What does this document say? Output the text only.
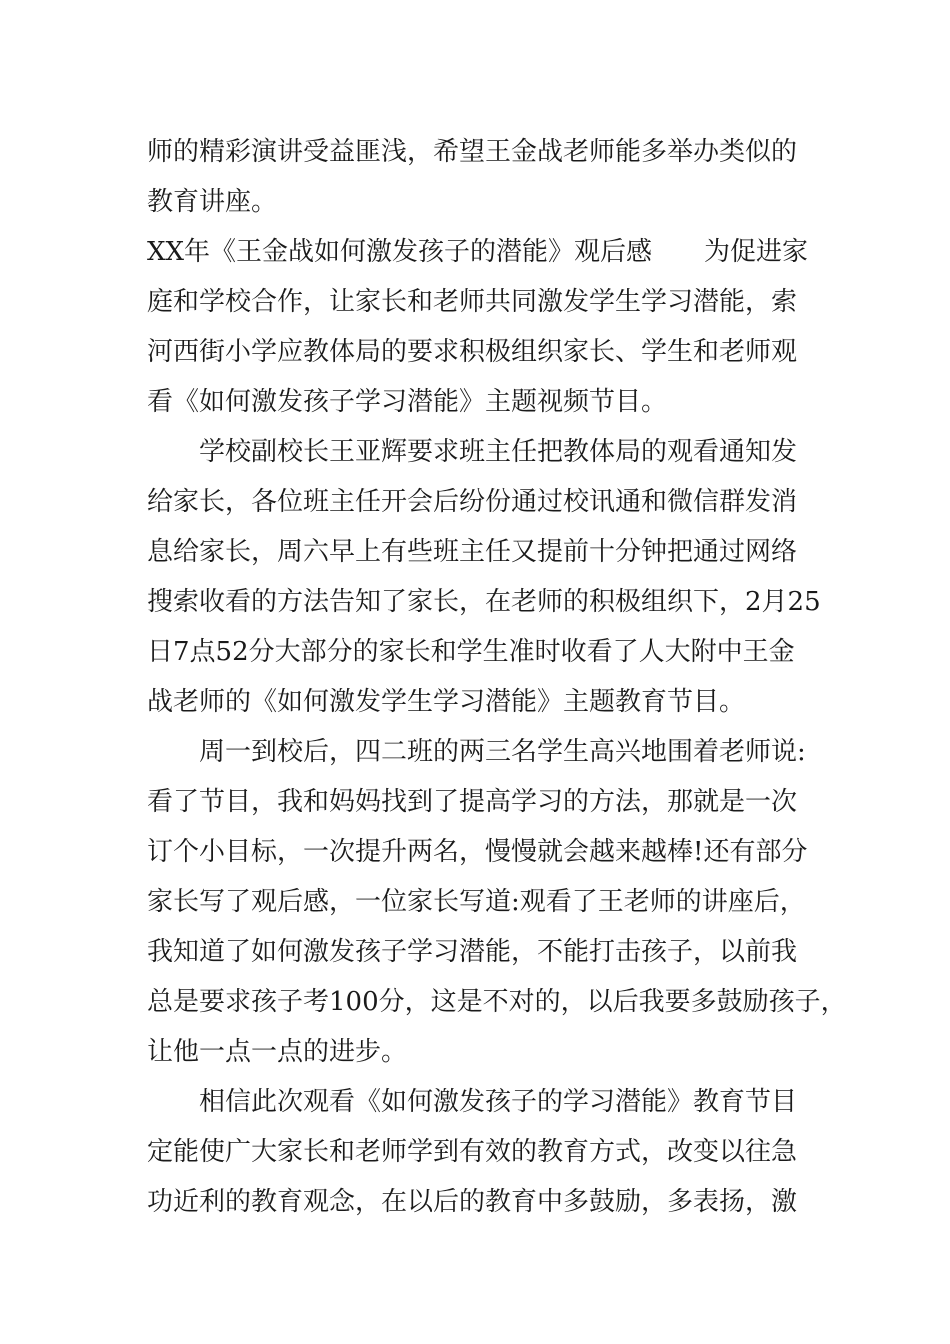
师的精彩演讲受益匪浅，希望王金战老师能多举办类似的
教育讲座。
XX年《王金战如何激发孩子的潜能》观后感　　为促进家
庭和学校合作，让家长和老师共同激发学生学习潜能，索
河西街小学应教体局的要求积极组织家长、学生和老师观
看《如何激发孩子学习潜能》主题视频节目。
　　学校副校长王亚辉要求班主任把教体局的观看通知发
给家长，各位班主任开会后纷份通过校讯通和微信群发消
息给家长，周六早上有些班主任又提前十分钟把通过网络
搜索收看的方法告知了家长，在老师的积极组织下，2月25
日7点52分大部分的家长和学生准时收看了人大附中王金
战老师的《如何激发学生学习潜能》主题教育节目。
　　周一到校后，四二班的两三名学生高兴地围着老师说:
看了节目，我和妈妈找到了提高学习的方法，那就是一次
订个小目标，一次提升两名，慢慢就会越来越棒!还有部分
家长写了观后感，一位家长写道:观看了王老师的讲座后，
我知道了如何激发孩子学习潜能，不能打击孩子，以前我
总是要求孩子考100分，这是不对的，以后我要多鼓励孩子，
让他一点一点的进步。
　　相信此次观看《如何激发孩子的学习潜能》教育节目
定能使广大家长和老师学到有效的教育方式，改变以往急
功近利的教育观念，在以后的教育中多鼓励，多表扬，激
